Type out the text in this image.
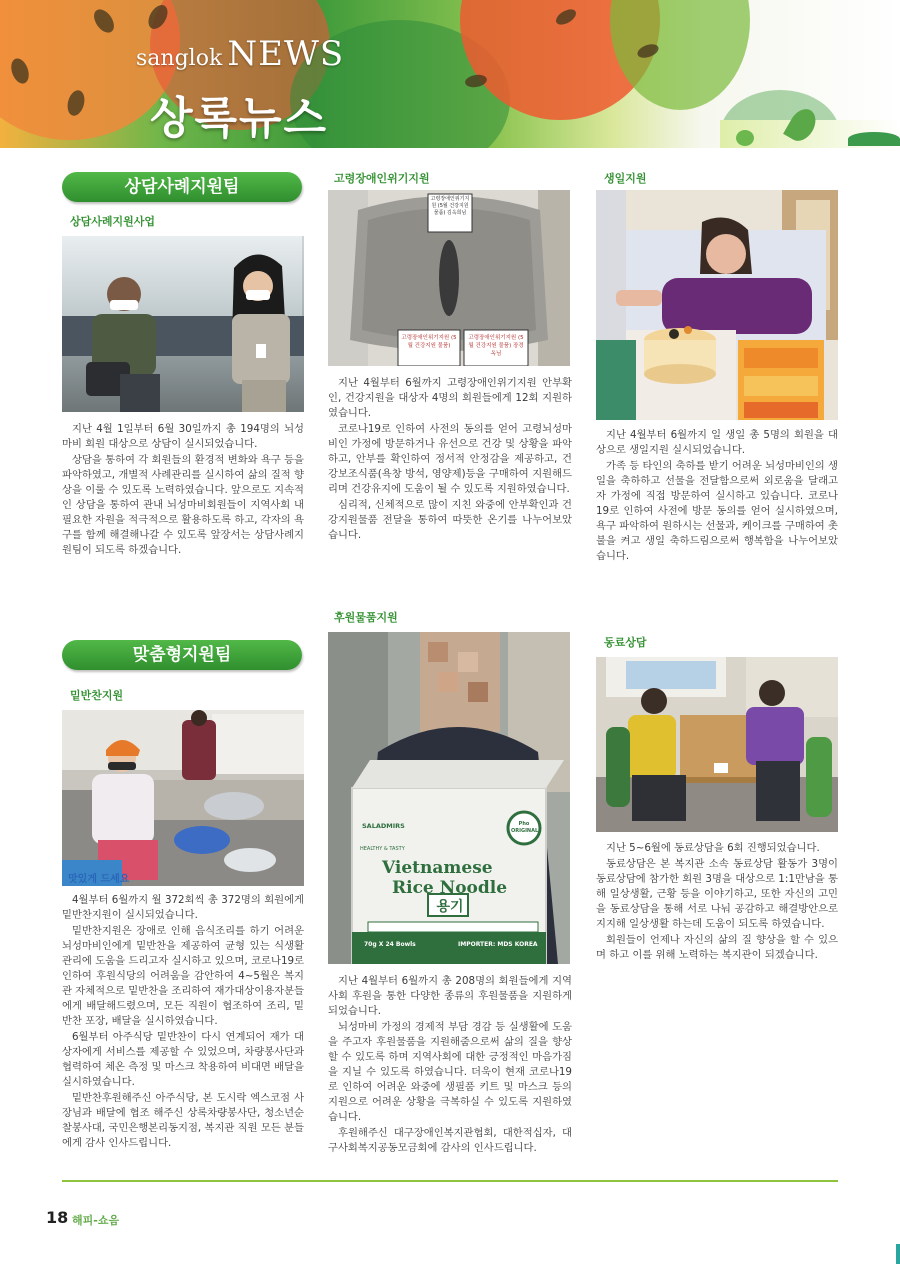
sanglok NEWS
상록뉴스
상담사례지원팀
상담사례지원사업

지난 4월 1일부터 6월 30일까지 총 194명의 뇌성마비 회원 대상으로 상담이 실시되었습니다.

상담을 통하여 각 회원들의 환경적 변화와 욕구 등을 파악하였고, 개별적 사례관리를 실시하여 삶의 질적 향상을 이룰 수 있도록 노력하였습니다. 앞으로도 지속적인 상담을 통하여 관내 뇌성마비회원들이 지역사회 내 필요한 자원을 적극적으로 활용하도록 하고, 각자의 욕구를 함께 해결해나갈 수 있도록 앞장서는 상담사례지원팀이 되도록 하겠습니다.

맞춤형지원팀
밑반찬지원
맛있게 드세요

4월부터 6월까지 월 372회씩 총 372명의 회원에게 밑반찬지원이 실시되었습니다.

밑반찬지원은 장애로 인해 음식조리를 하기 어려운 뇌성마비인에게 밑반찬을 제공하여 균형 있는 식생활 관리에 도움을 드리고자 실시하고 있으며, 코로나19로 인하여 후원식당의 어려움을 감안하여 4~5월은 복지관 자체적으로 밑반찬을 조리하여 재가대상이용자분들에게 배달해드렸으며, 모든 직원이 협조하여 조리, 밑반찬 포장, 배달을 실시하였습니다.

6월부터 아주식당 밑반찬이 다시 연계되어 재가 대상자에게 서비스를 제공할 수 있었으며, 차량봉사단과 협력하여 체온 측정 및 마스크 착용하여 비대면 배달을 실시하였습니다.

밑반찬후원해주신 아주식당, 본 도시락 엑스코점 사장님과 배달에 협조 해주신 상록차량봉사단, 청소년순찰봉사대, 국민은행본리동지점, 복지관 직원 모든 분들에게 감사 인사드립니다.

고령장애인위기지원
고령장애인위기지원 (5월 건강지원 물품) 김옥희님
고령장애인위기지원 (5월 건강지원 물품)
고령장애인위기지원 (5월 건강지원 물품) 장경옥님

지난 4월부터 6월까지 고령장애인위기지원 안부확인, 건강지원을 대상자 4명의 회원들에게 12회 지원하였습니다.

코로나19로 인하여 사전의 동의를 얻어 고령뇌성마비인 가정에 방문하거나 유선으로 건강 및 상황을 파악하고, 안부를 확인하여 정서적 안정감을 제공하고, 건강보조식품(욕창 방석, 영양제)등을 구매하여 지원해드리며 건강유지에 도움이 될 수 있도록 지원하였습니다.

심리적, 신체적으로 많이 지친 와중에 안부확인과 건강지원물품 전달을 통하여 따뜻한 온기를 나누어보았습니다.

후원물품지원
SALADMIRS
HEALTHY & TASTY
Pho ORIGINAL
Vietnamese
Rice Noodle
용기
70g X 24 Bowls	IMPORTER: MDS KOREA

지난 4월부터 6월까지 총 208명의 회원들에게 지역사회 후원을 통한 다양한 종류의 후원물품을 지원하게 되었습니다.

뇌성마비 가정의 경제적 부담 경감 등 실생활에 도움을 주고자 후원물품을 지원해줌으로써 삶의 질을 향상할 수 있도록 하며 지역사회에 대한 긍정적인 마음가짐을 지닐 수 있도록 하였습니다. 더욱이 현재 코로나19로 인하여 어려운 와중에 생필품 키트 및 마스크 등의 지원으로 어려운 상황을 극복하실 수 있도록 지원하였습니다.

후원해주신 대구장애인복지관협회, 대한적십자, 대구사회복지공동모금회에 감사의 인사드립니다.

생일지원

지난 4월부터 6월까지 일 생일 총 5명의 회원을 대상으로 생일지원 실시되었습니다.

가족 등 타인의 축하를 받기 어려운 뇌성마비인의 생일을 축하하고 선물을 전달함으로써 외로움을 달래고자 가정에 직접 방문하여 실시하고 있습니다. 코로나19로 인하여 사전에 방문 동의를 얻어 실시하였으며, 욕구 파악하여 원하시는 선물과, 케이크를 구매하여 촛불을 켜고 생일 축하드림으로써 행복함을 나누어보았습니다.

동료상담

지난 5~6월에 동료상담을 6회 진행되었습니다.

동료상담은 본 복지관 소속 동료상담 활동가 3명이 동료상담에 참가한 회원 3명을 대상으로 1:1만남을 통해 일상생활, 근황 등을 이야기하고, 또한 자신의 고민을 동료상담을 통해 서로 나눠 공감하고 해결방안으로 지지해 일상생활 하는데 도움이 되도록 하였습니다.

회원들이 언제나 자신의 삶의 질 향상을 할 수 있으며 하고 이를 위해 노력하는 복지관이 되겠습니다.

18 해피-쇼음
